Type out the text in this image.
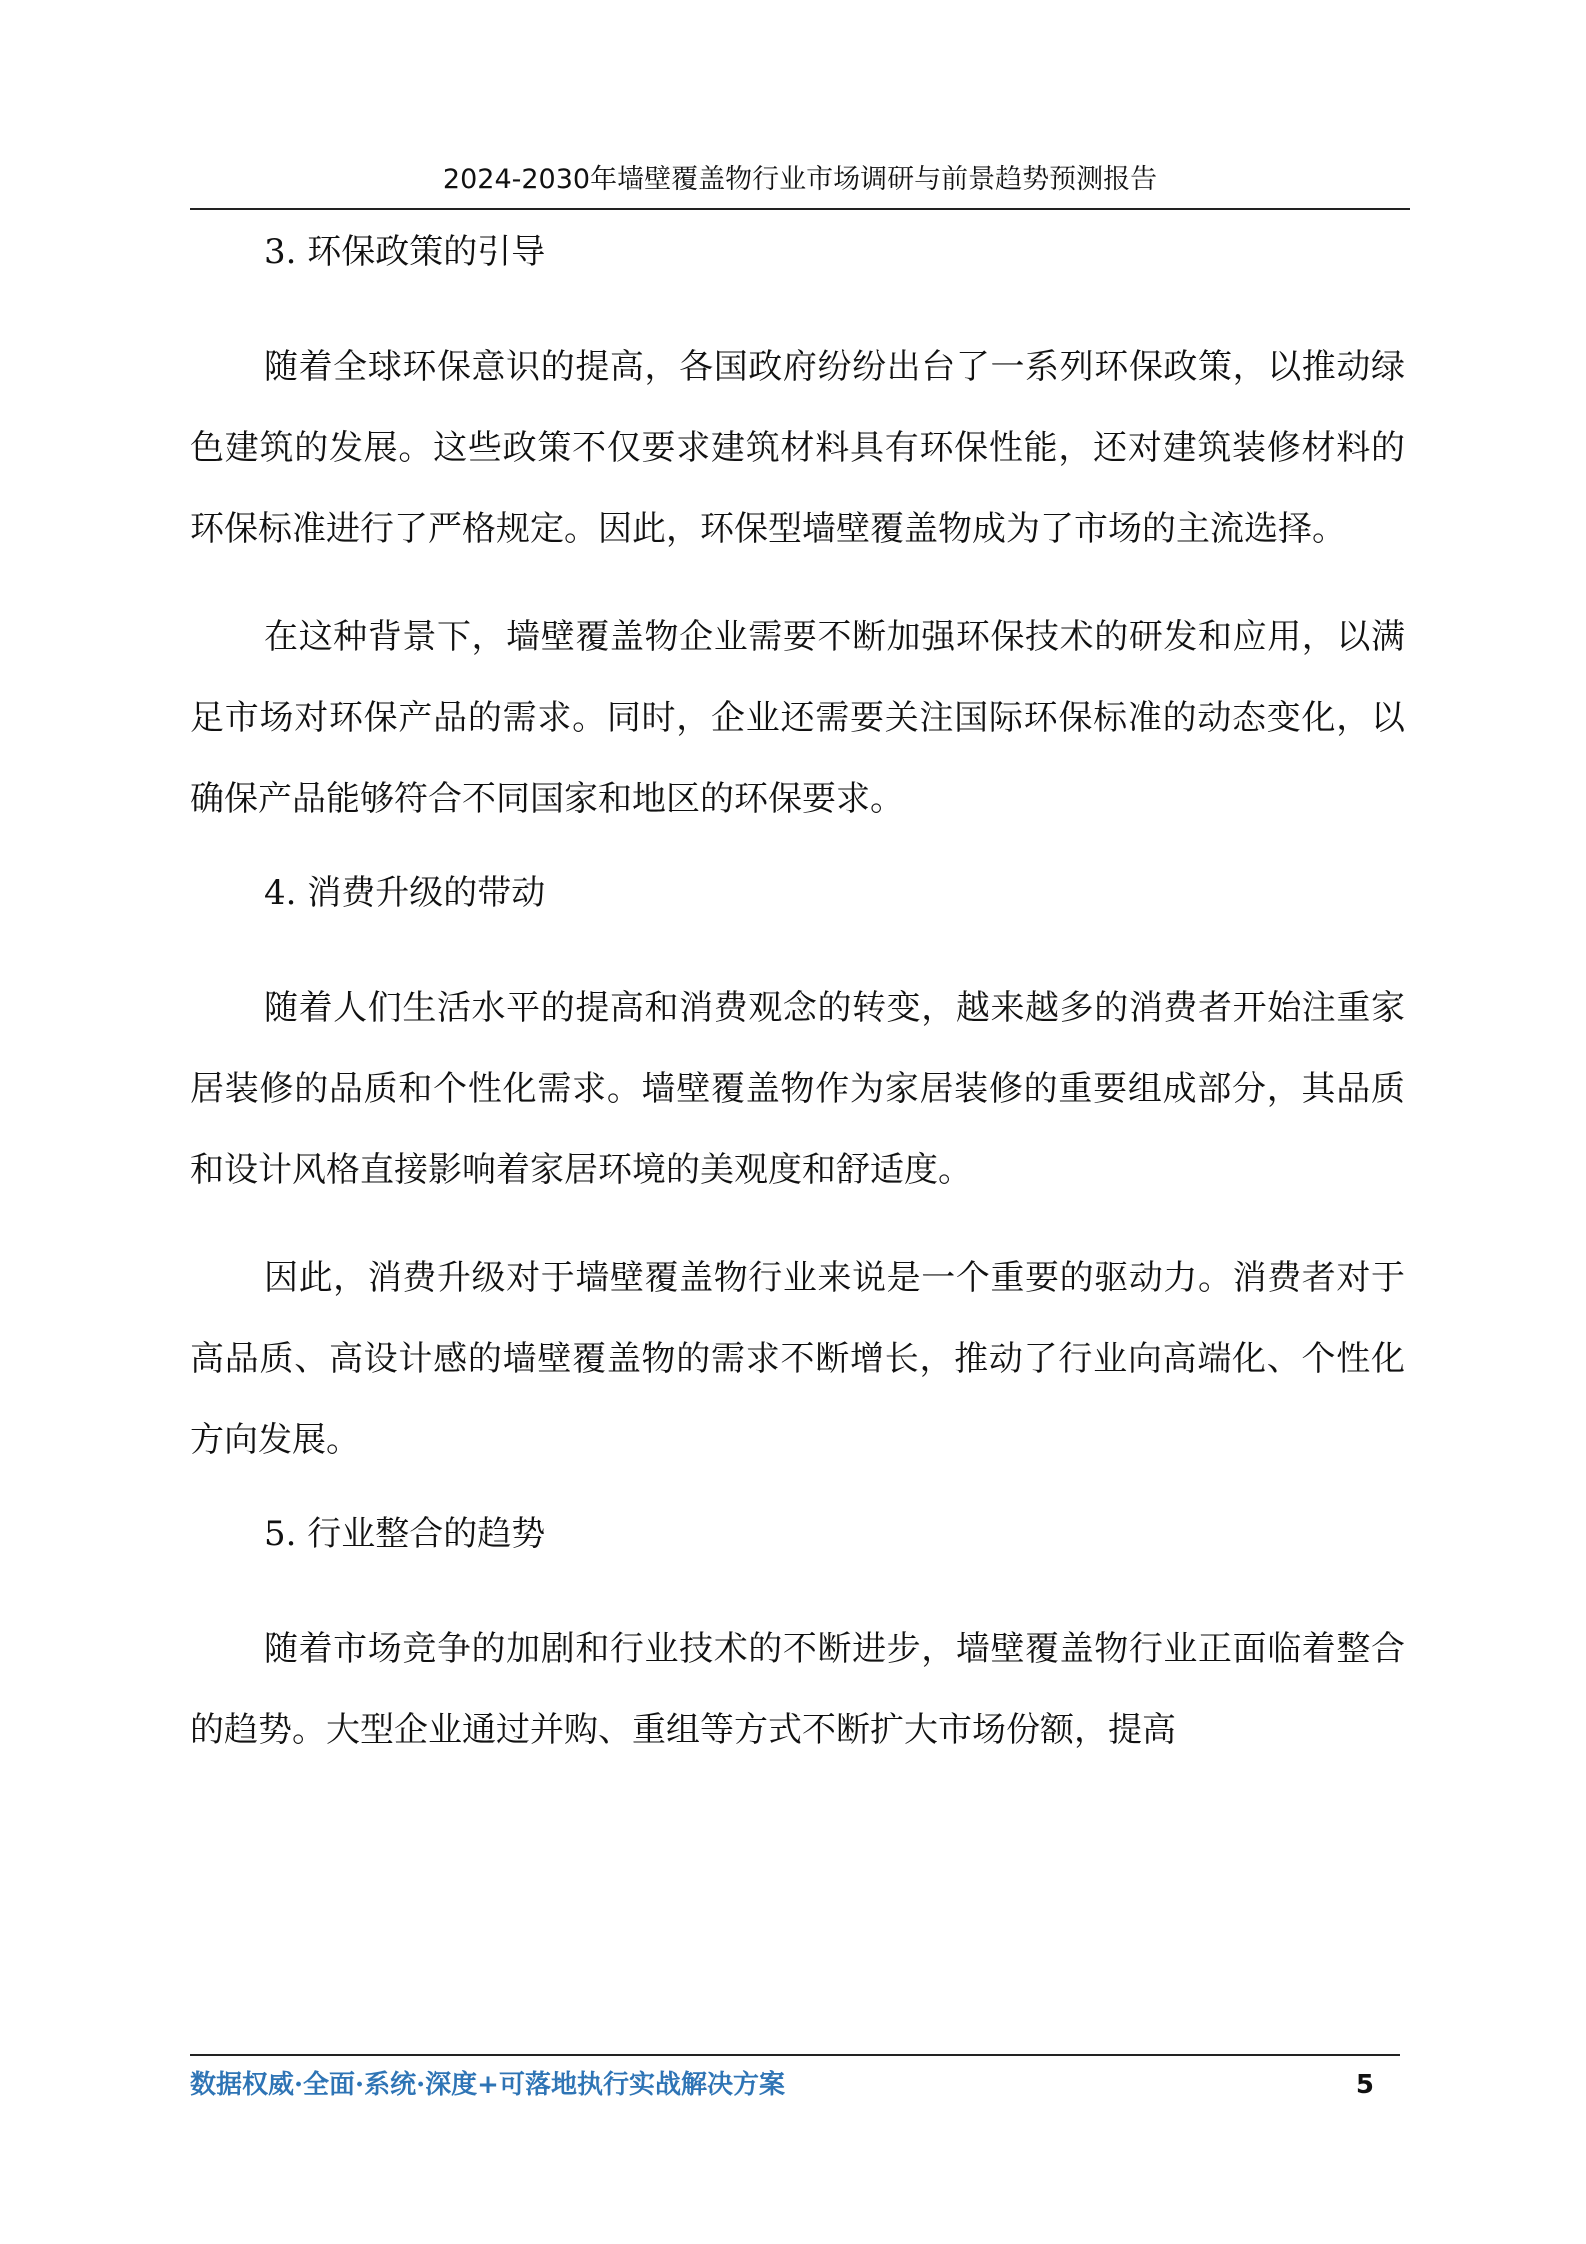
2024-2030年墙壁覆盖物行业市场调研与前景趋势预测报告

3. 环保政策的引导

随着全球环保意识的提高，各国政府纷纷出台了一系列环保政策，以推动绿色建筑的发展。这些政策不仅要求建筑材料具有环保性能，还对建筑装修材料的环保标准进行了严格规定。因此，环保型墙壁覆盖物成为了市场的主流选择。

在这种背景下，墙壁覆盖物企业需要不断加强环保技术的研发和应用，以满足市场对环保产品的需求。同时，企业还需要关注国际环保标准的动态变化，以确保产品能够符合不同国家和地区的环保要求。

4. 消费升级的带动

随着人们生活水平的提高和消费观念的转变，越来越多的消费者开始注重家居装修的品质和个性化需求。墙壁覆盖物作为家居装修的重要组成部分，其品质和设计风格直接影响着家居环境的美观度和舒适度。

因此，消费升级对于墙壁覆盖物行业来说是一个重要的驱动力。消费者对于高品质、高设计感的墙壁覆盖物的需求不断增长，推动了行业向高端化、个性化方向发展。

5. 行业整合的趋势

随着市场竞争的加剧和行业技术的不断进步，墙壁覆盖物行业正面临着整合的趋势。大型企业通过并购、重组等方式不断扩大市场份额，提高

数据权威·全面·系统·深度+可落地执行实战解决方案	5
